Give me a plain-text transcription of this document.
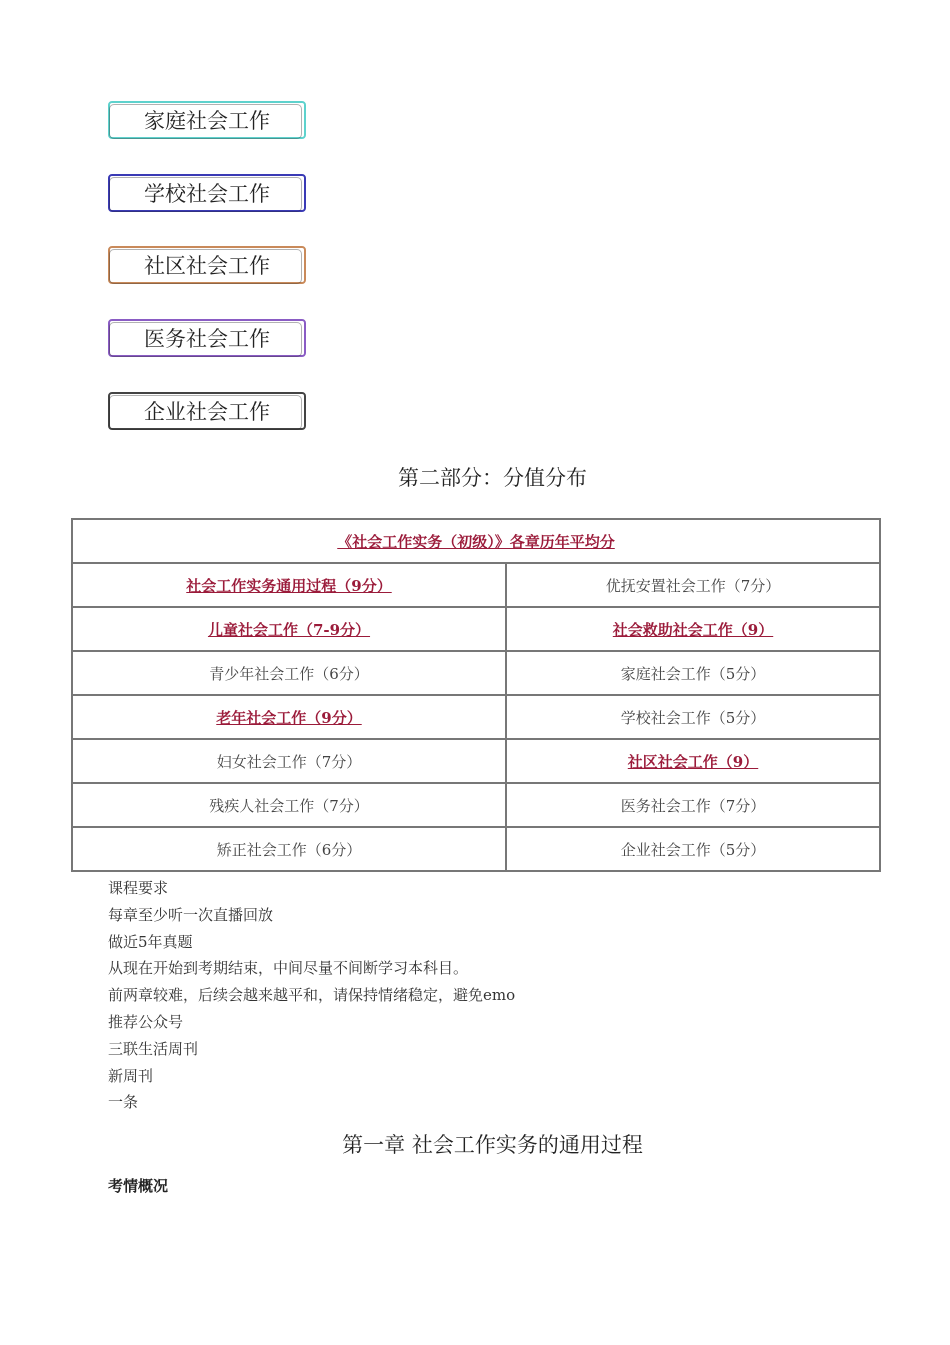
家庭社会工作
学校社会工作
社区社会工作
医务社会工作
企业社会工作
第二部分：分值分布
《社会工作实务（初级）》各章历年平均分	
社会工作实务通用过程（9分）	优抚安置社会工作（7分）
儿童社会工作（7-9分）	社会救助社会工作（9）
青少年社会工作（6分）	家庭社会工作（5分）
老年社会工作（9分）	学校社会工作（5分）
妇女社会工作（7分）	社区社会工作（9）
残疾人社会工作（7分）	医务社会工作（7分）
矫正社会工作（6分）	企业社会工作（5分）
课程要求
每章至少听一次直播回放
做近5年真题
从现在开始到考期结束，中间尽量不间断学习本科目。
前两章较难，后续会越来越平和，请保持情绪稳定，避免emo
推荐公众号
三联生活周刊
新周刊
一条
第一章 社会工作实务的通用过程
考情概况
